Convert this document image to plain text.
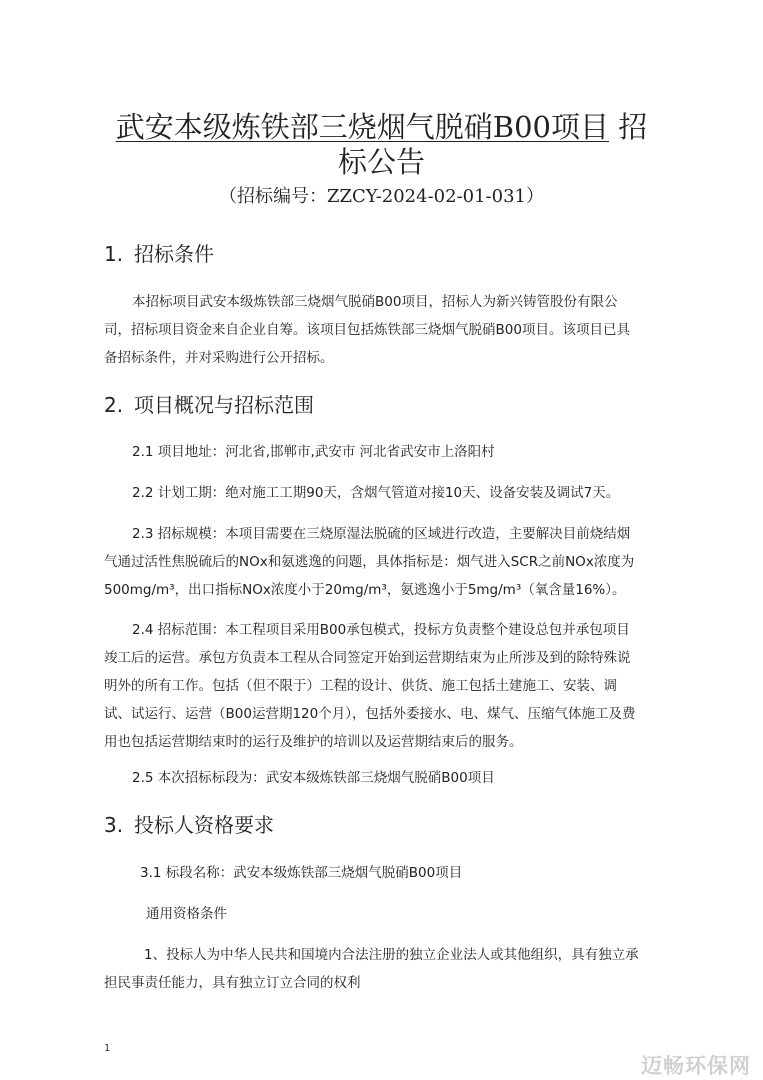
武安本级炼铁部三烧烟气脱硝B00项目 招
标公告
（招标编号：ZZCY-2024-02-01-031）
1. 招标条件
本招标项目武安本级炼铁部三烧烟气脱硝B00项目，招标人为新兴铸管股份有限公
司，招标项目资金来自企业自筹。该项目包括炼铁部三烧烟气脱硝B00项目。该项目已具
备招标条件，并对采购进行公开招标。
2. 项目概况与招标范围
2.1 项目地址：河北省,邯郸市,武安市 河北省武安市上洛阳村
2.2 计划工期：绝对施工工期90天，含烟气管道对接10天、设备安装及调试7天。
2.3 招标规模：本项目需要在三烧原湿法脱硫的区域进行改造，主要解决目前烧结烟
气通过活性焦脱硫后的NOx和氨逃逸的问题，具体指标是：烟气进入SCR之前NOx浓度为
500mg/m³，出口指标NOx浓度小于20mg/m³，氨逃逸小于5mg/m³（氧含量16%）。
2.4 招标范围：本工程项目采用B00承包模式，投标方负责整个建设总包并承包项目
竣工后的运营。承包方负责本工程从合同签定开始到运营期结束为止所涉及到的除特殊说
明外的所有工作。包括（但不限于）工程的设计、供货、施工包括土建施工、安装、调
试、试运行、运营（B00运营期120个月），包括外委接水、电、煤气、压缩气体施工及费
用也包括运营期结束时的运行及维护的培训以及运营期结束后的服务。
2.5 本次招标标段为：武安本级炼铁部三烧烟气脱硝B00项目
3. 投标人资格要求
3.1 标段名称：武安本级炼铁部三烧烟气脱硝B00项目
通用资格条件
1、投标人为中华人民共和国境内合法注册的独立企业法人或其他组织，具有独立承
担民事责任能力，具有独立订立合同的权利
1
迈畅环保网
